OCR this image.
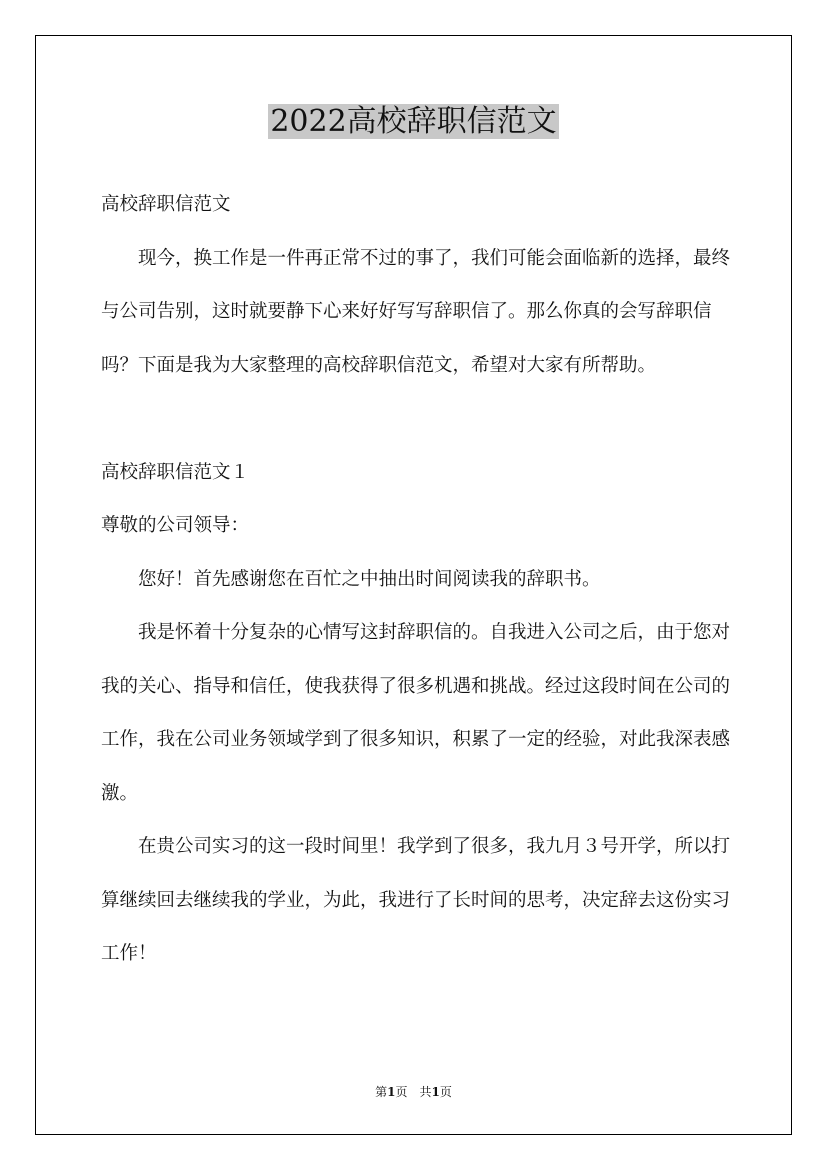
2022高校辞职信范文

高校辞职信范文

现今，换工作是一件再正常不过的事了，我们可能会面临新的选择，最终与公司告别，这时就要静下心来好好写写辞职信了。那么你真的会写辞职信吗？下面是我为大家整理的高校辞职信范文，希望对大家有所帮助。

高校辞职信范文１

尊敬的公司领导：

您好！首先感谢您在百忙之中抽出时间阅读我的辞职书。

我是怀着十分复杂的心情写这封辞职信的。自我进入公司之后，由于您对我的关心、指导和信任，使我获得了很多机遇和挑战。经过这段时间在公司的工作，我在公司业务领域学到了很多知识，积累了一定的经验，对此我深表感激。

在贵公司实习的这一段时间里！我学到了很多，我九月３号开学，所以打算继续回去继续我的学业，为此，我进行了长时间的思考，决定辞去这份实习工作！

第1页　共1页
